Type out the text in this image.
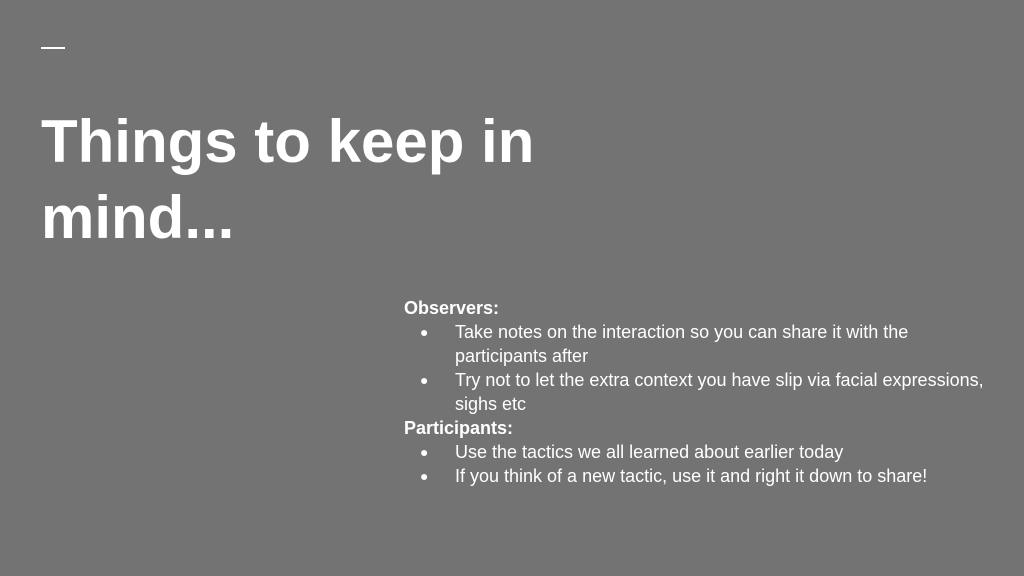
Things to keep in mind...

Observers:

● Take notes on the interaction so you can share it with the participants after
● Try not to let the extra context you have slip via facial expressions, sighs etc

Participants:

● Use the tactics we all learned about earlier today
● If you think of a new tactic, use it and right it down to share!
